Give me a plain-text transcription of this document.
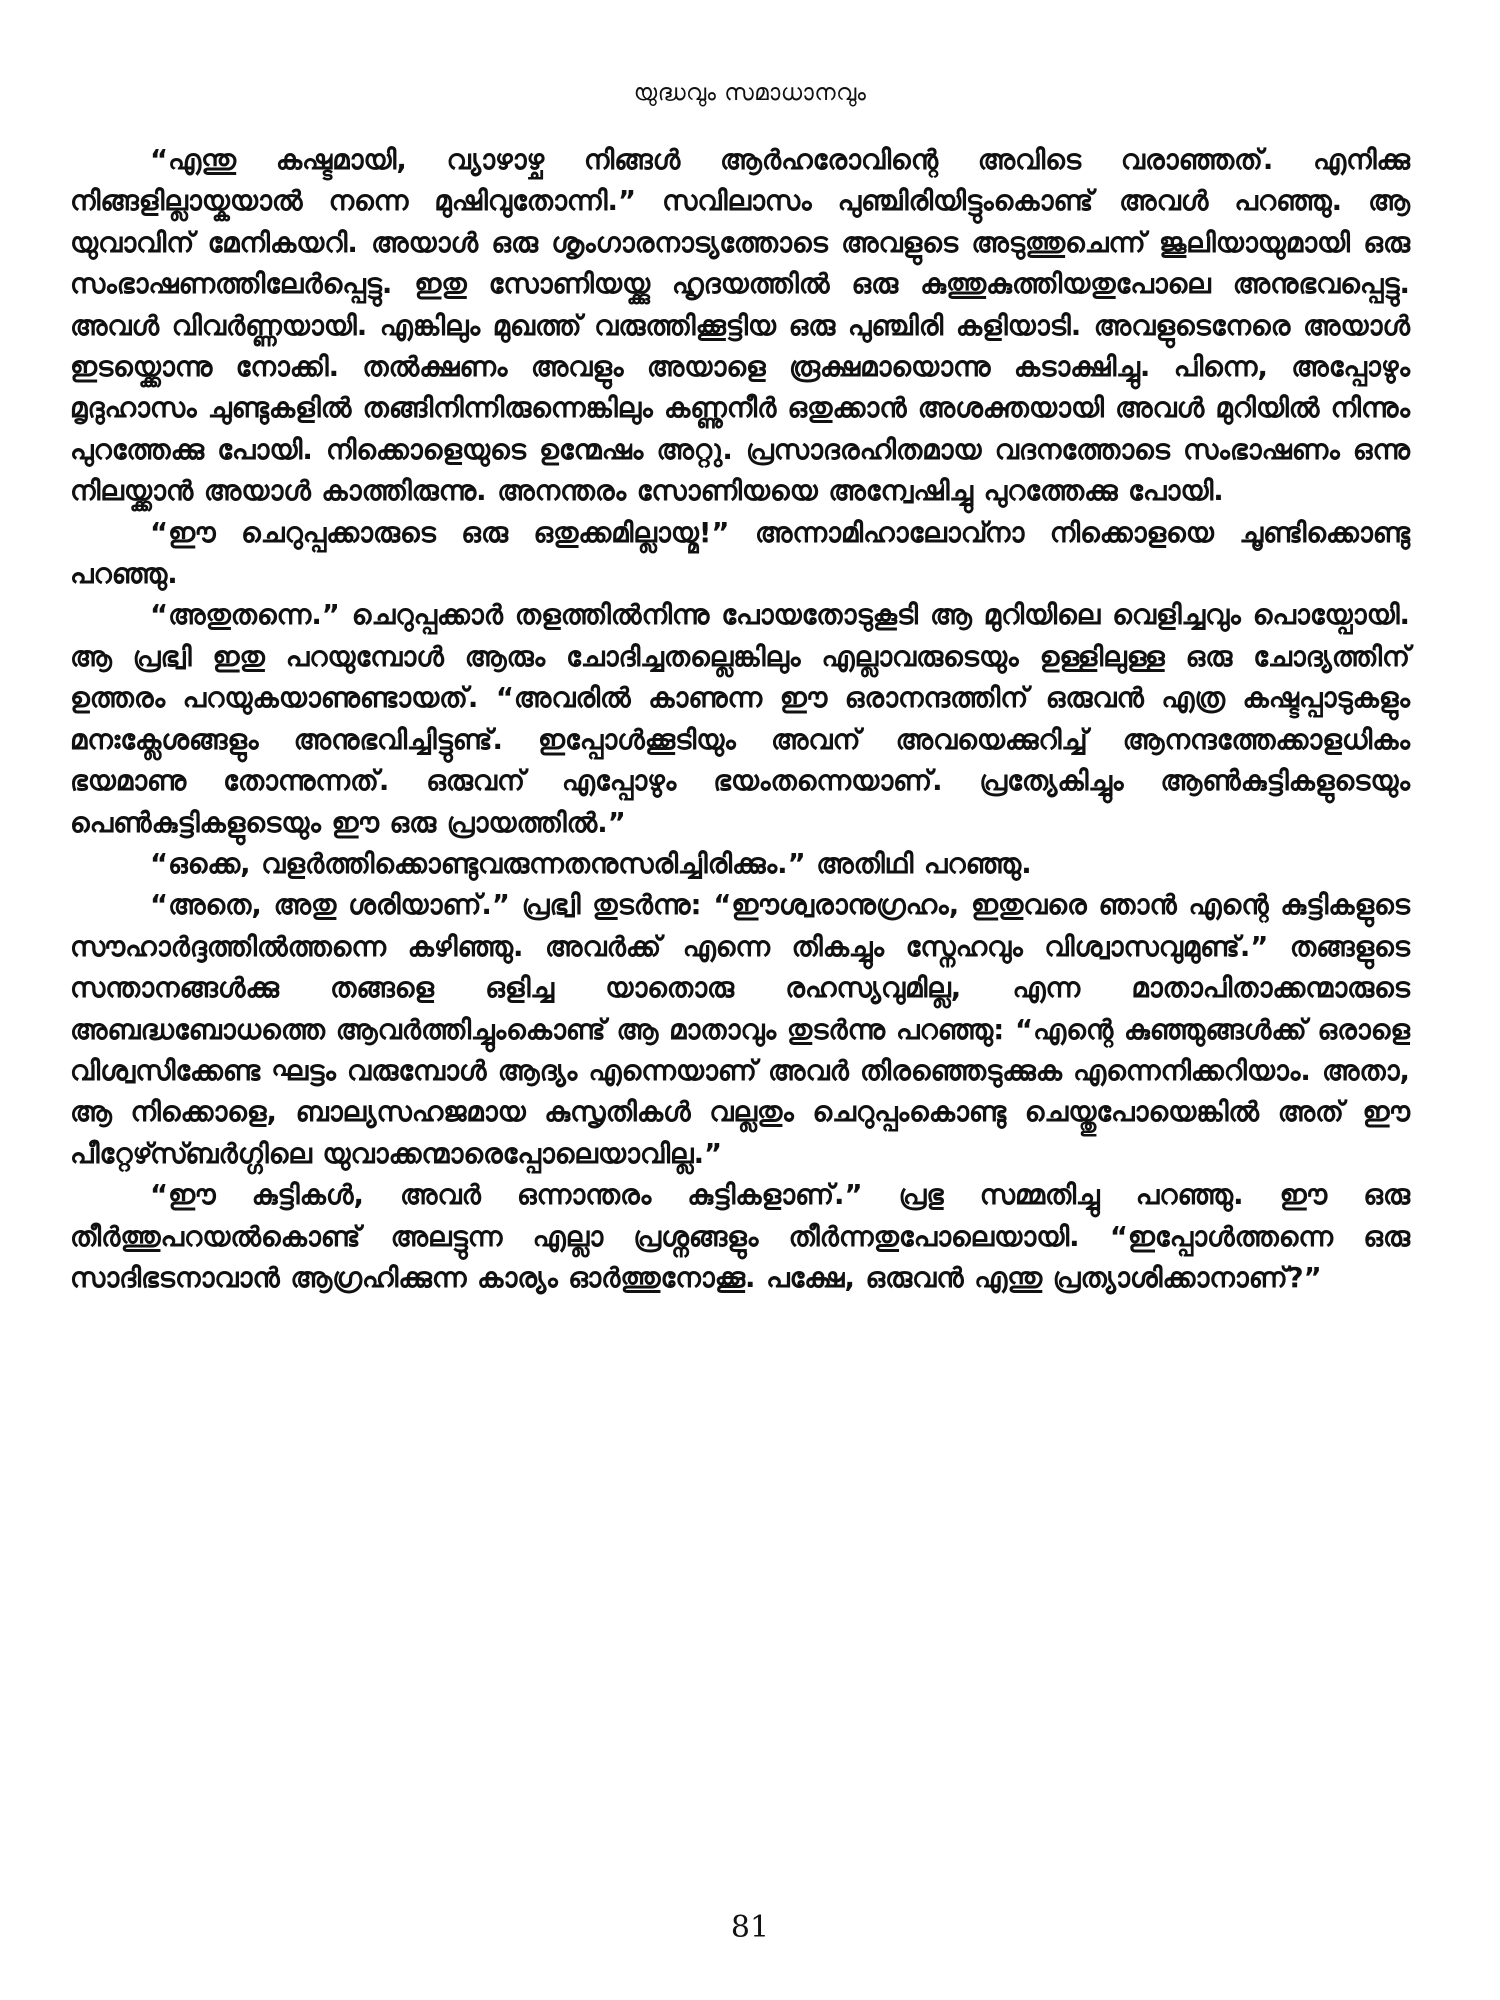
യുദ്ധവും സമാധാനവും

“എന്തു കഷ്ടമായി, വ്യാഴാഴ്ച നിങ്ങൾ ആർഹരോവിന്റെ അവിടെ വരാഞ്ഞത്. എനിക്കു നിങ്ങളില്ലായ്കയാൽ നന്നെ മുഷിവുതോന്നി.” സവിലാസം പുഞ്ചിരിയിട്ടുംകൊണ്ട് അവൾ പറഞ്ഞു. ആ യുവാവിന് മേനികയറി. അയാൾ ഒരു ശൃംഗാരനാട്യത്തോടെ അവളുടെ അടുത്തുചെന്ന് ജൂലിയായുമായി ഒരു സംഭാഷണത്തിലേർപ്പെട്ടു. ഇതു സോണിയയ്ക്കു ഹൃദയത്തിൽ ഒരു കുത്തുകുത്തിയതുപോലെ അനുഭവപ്പെട്ടു. അവൾ വിവർണ്ണയായി. എങ്കിലും മുഖത്ത് വരുത്തിക്കൂട്ടിയ ഒരു പുഞ്ചിരി കളിയാടി. അവളുടെനേരെ അയാൾ ഇടയ്ക്കൊന്നു നോക്കി. തൽക്ഷണം അവളും അയാളെ രൂക്ഷമായൊന്നു കടാക്ഷിച്ചു. പിന്നെ, അപ്പോഴും മൃദുഹാസം ചുണ്ടുകളിൽ തങ്ങിനിന്നിരുന്നെങ്കിലും കണ്ണുനീർ ഒതുക്കാൻ അശക്തയായി അവൾ മുറിയിൽ നിന്നും പുറത്തേക്കു പോയി. നിക്കൊളെയുടെ ഉന്മേഷം അറ്റു. പ്രസാദരഹിതമായ വദനത്തോടെ സംഭാഷണം ഒന്നു നിലയ്ക്കാൻ അയാൾ കാത്തിരുന്നു. അനന്തരം സോണിയയെ അന്വേഷിച്ചു പുറത്തേക്കു പോയി.

“ഈ ചെറുപ്പക്കാരുടെ ഒരു ഒതുക്കമില്ലായ്മ!” അന്നാമിഹാലോവ്നാ നിക്കൊളയെ ചൂണ്ടിക്കൊണ്ടു പറഞ്ഞു.

“അതുതന്നെ.” ചെറുപ്പക്കാർ തളത്തിൽനിന്നു പോയതോടുകൂടി ആ മുറിയിലെ വെളിച്ചവും പൊയ്പോയി. ആ പ്രഭ്വി ഇതു പറയുമ്പോൾ ആരും ചോദിച്ചതല്ലെങ്കിലും എല്ലാവരുടെയും ഉള്ളിലുള്ള ഒരു ചോദ്യത്തിന് ഉത്തരം പറയുകയാണുണ്ടായത്. “അവരിൽ കാണുന്ന ഈ ഒരാനന്ദത്തിന് ഒരുവൻ എത്ര കഷ്ടപ്പാടുകളും മനഃക്ലേശങ്ങളും അനുഭവിച്ചിട്ടുണ്ട്. ഇപ്പോൾക്കൂടിയും അവന് അവയെക്കുറിച്ച് ആനന്ദത്തേക്കാളധികം ഭയമാണു തോന്നുന്നത്. ഒരുവന് എപ്പോഴും ഭയംതന്നെയാണ്. പ്രത്യേകിച്ചും ആൺകുട്ടികളുടെയും പെൺകുട്ടികളുടെയും ഈ ഒരു പ്രായത്തിൽ.”

“ഒക്കെ, വളർത്തിക്കൊണ്ടുവരുന്നതനുസരിച്ചിരിക്കും.” അതിഥി പറഞ്ഞു.

“അതെ, അതു ശരിയാണ്.” പ്രഭ്വി തുടർന്നു: “ഈശ്വരാനുഗ്രഹം, ഇതുവരെ ഞാൻ എന്റെ കുട്ടികളുടെ സൗഹാർദ്ദത്തിൽത്തന്നെ കഴിഞ്ഞു. അവർക്ക് എന്നെ തികച്ചും സ്നേഹവും വിശ്വാസവുമുണ്ട്.” തങ്ങളുടെ സന്താനങ്ങൾക്കു തങ്ങളെ ഒളിച്ച യാതൊരു രഹസ്യവുമില്ല, എന്ന മാതാപിതാക്കന്മാരുടെ അബദ്ധബോധത്തെ ആവർത്തിച്ചുംകൊണ്ട് ആ മാതാവും തുടർന്നു പറഞ്ഞു: “എന്റെ കുഞ്ഞുങ്ങൾക്ക് ഒരാളെ വിശ്വസിക്കേണ്ട ഘട്ടം വരുമ്പോൾ ആദ്യം എന്നെയാണ് അവർ തിരഞ്ഞെടുക്കുക എന്നെനിക്കറിയാം. അതാ, ആ നിക്കൊളെ, ബാല്യസഹജമായ കുസൃതികൾ വല്ലതും ചെറുപ്പംകൊണ്ടു ചെയ്തുപോയെങ്കിൽ അത് ഈ പീറ്റേഴ്സ്ബർഗ്ഗിലെ യുവാക്കന്മാരെപ്പോലെയാവില്ല.”

“ഈ കുട്ടികൾ, അവർ ഒന്നാന്തരം കുട്ടികളാണ്.” പ്രഭു സമ്മതിച്ചു പറഞ്ഞു. ഈ ഒരു തീർത്തുപറയൽകൊണ്ട് അലട്ടുന്ന എല്ലാ പ്രശ്നങ്ങളും തീർന്നതുപോലെയായി. “ഇപ്പോൾത്തന്നെ ഒരു സാദിഭടനാവാൻ ആഗ്രഹിക്കുന്ന കാര്യം ഓർത്തുനോക്കൂ. പക്ഷേ, ഒരുവൻ എന്തു പ്രത്യാശിക്കാനാണ്?”

81
